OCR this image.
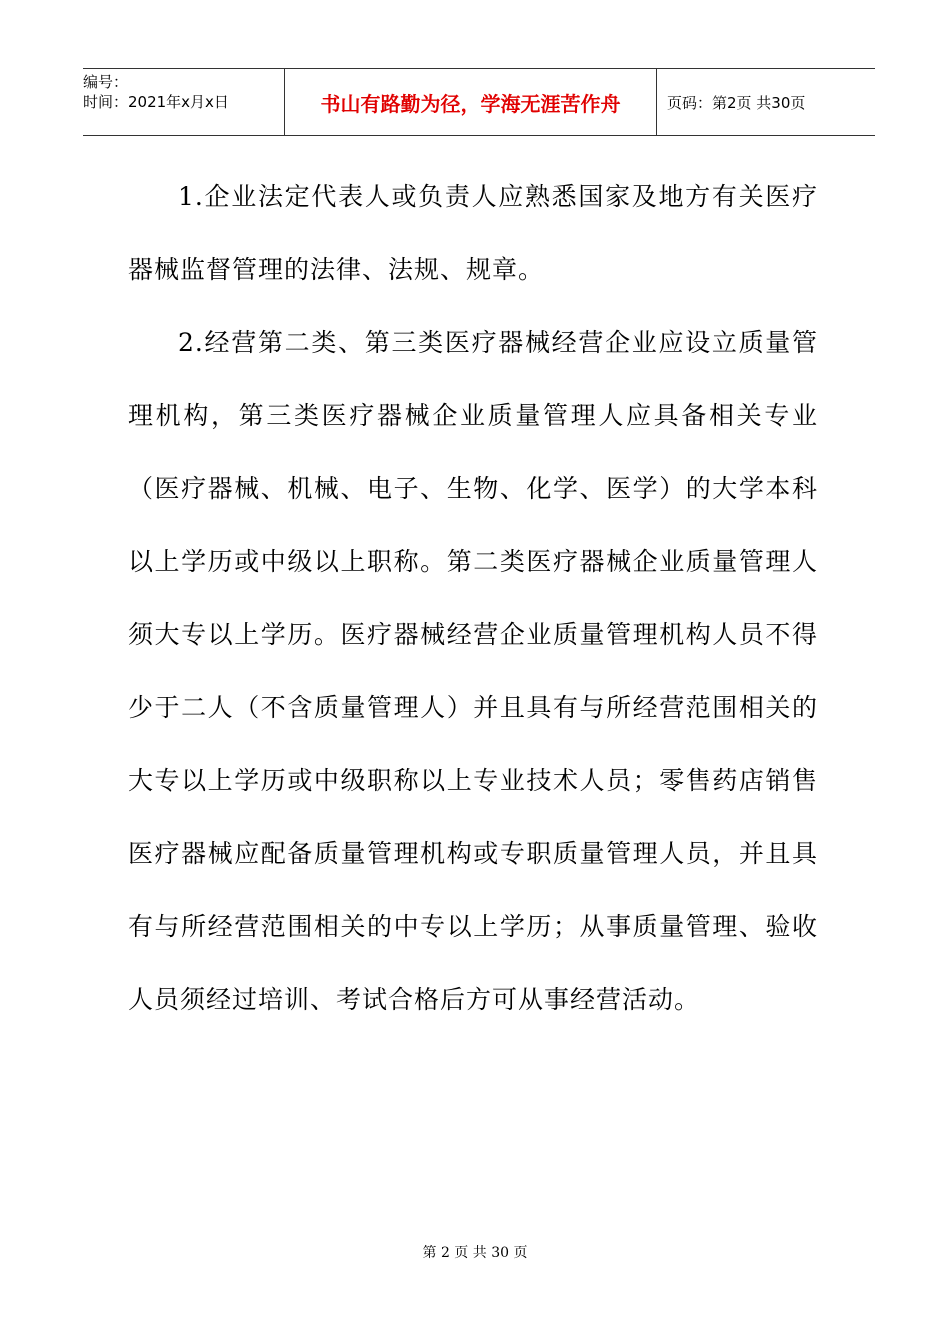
编号：
时间：2021年x月x日	书山有路勤为径，学海无涯苦作舟	页码：第2页 共30页

1.企业法定代表人或负责人应熟悉国家及地方有关医疗器械监督管理的法律、法规、规章。

2.经营第二类、第三类医疗器械经营企业应设立质量管理机构，第三类医疗器械企业质量管理人应具备相关专业（医疗器械、机械、电子、生物、化学、医学）的大学本科以上学历或中级以上职称。第二类医疗器械企业质量管理人须大专以上学历。医疗器械经营企业质量管理机构人员不得少于二人（不含质量管理人）并且具有与所经营范围相关的大专以上学历或中级职称以上专业技术人员；零售药店销售医疗器械应配备质量管理机构或专职质量管理人员，并且具有与所经营范围相关的中专以上学历；从事质量管理、验收人员须经过培训、考试合格后方可从事经营活动。

第 2 页 共 30 页
